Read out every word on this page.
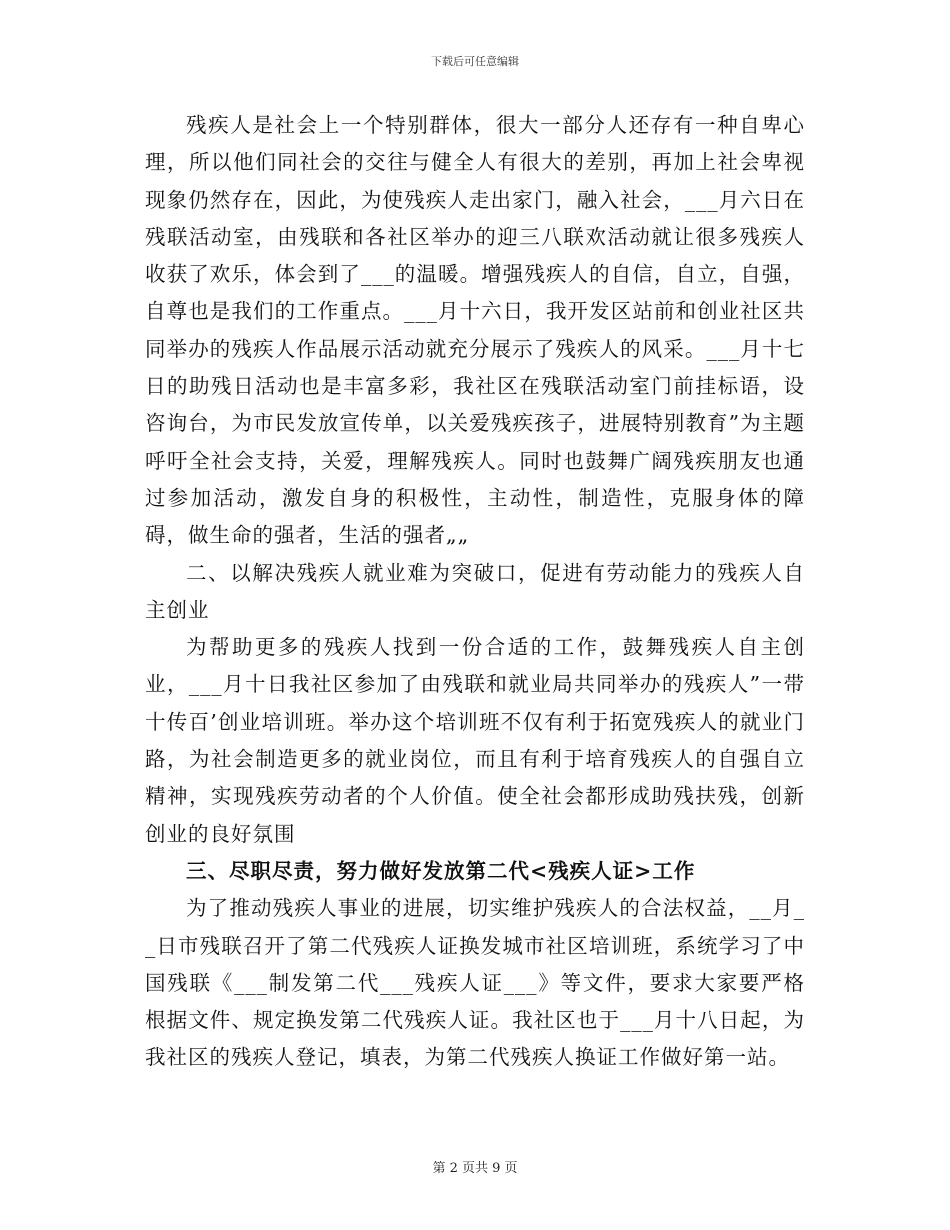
下载后可任意编辑

残疾人是社会上一个特别群体，很大一部分人还存有一种自卑心理，所以他们同社会的交往与健全人有很大的差别，再加上社会卑视现象仍然存在，因此，为使残疾人走出家门，融入社会，___月六日在残联活动室，由残联和各社区举办的迎三八联欢活动就让很多残疾人收获了欢乐，体会到了___的温暖。增强残疾人的自信，自立，自强，自尊也是我们的工作重点。___月十六日，我开发区站前和创业社区共同举办的残疾人作品展示活动就充分展示了残疾人的风采。___月十七日的助残日活动也是丰富多彩，我社区在残联活动室门前挂标语，设咨询台，为市民发放宣传单，以关爱残疾孩子，进展特别教育”为主题呼吁全社会支持，关爱，理解残疾人。同时也鼓舞广阔残疾朋友也通过参加活动，激发自身的积极性，主动性，制造性，克服身体的障碍，做生命的强者，生活的强者„„

二、以解决残疾人就业难为突破口，促进有劳动能力的残疾人自主创业

为帮助更多的残疾人找到一份合适的工作，鼓舞残疾人自主创业，___月十日我社区参加了由残联和就业局共同举办的残疾人”一带十传百’创业培训班。举办这个培训班不仅有利于拓宽残疾人的就业门路，为社会制造更多的就业岗位，而且有利于培育残疾人的自强自立精神，实现残疾劳动者的个人价值。使全社会都形成助残扶残，创新创业的良好氛围

三、尽职尽责，努力做好发放第二代<残疾人证>工作

为了推动残疾人事业的进展，切实维护残疾人的合法权益，__月__日市残联召开了第二代残疾人证换发城市社区培训班，系统学习了中国残联《___制发第二代___残疾人证___》等文件，要求大家要严格根据文件、规定换发第二代残疾人证。我社区也于___月十八日起，为我社区的残疾人登记，填表，为第二代残疾人换证工作做好第一站。

第 2 页共 9 页
